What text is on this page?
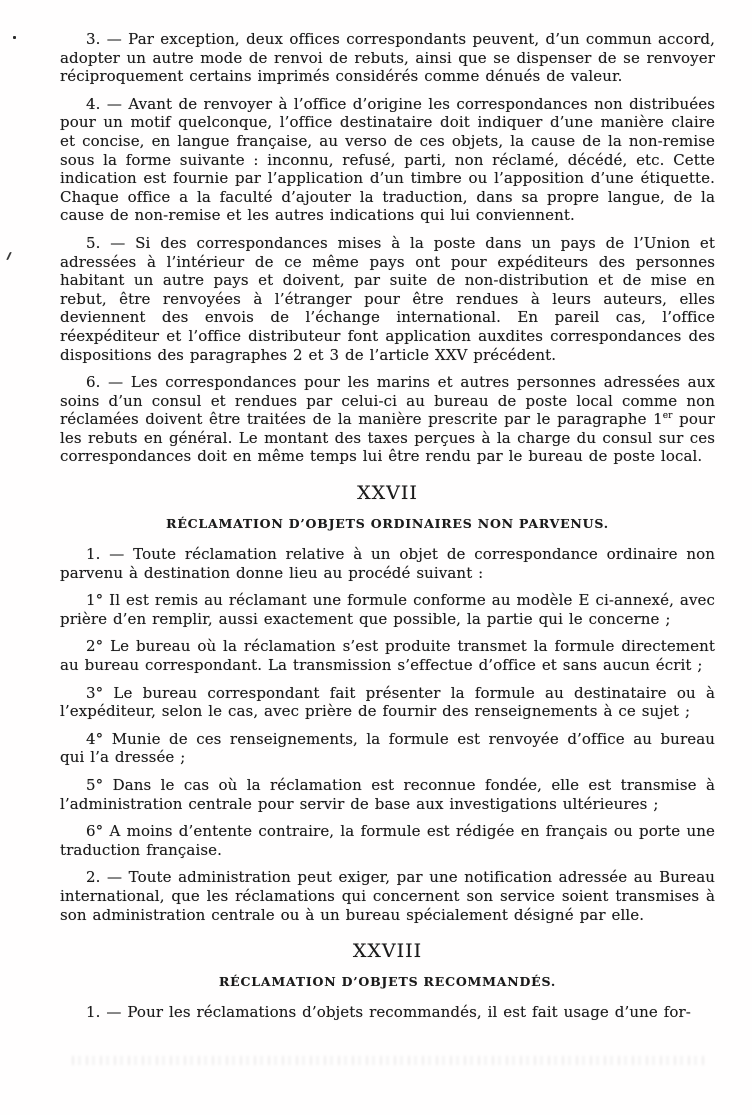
3. — Par exception, deux offices correspondants peuvent, d’un commun accord, adopter un autre mode de renvoi de rebuts, ainsi que se dispenser de se renvoyer réciproquement certains imprimés considérés comme dénués de valeur.

4. — Avant de renvoyer à l’office d’origine les correspondances non distribuées pour un motif quelconque, l’office destinataire doit indiquer d’une manière claire et concise, en langue française, au verso de ces objets, la cause de la non-remise sous la forme suivante : inconnu, refusé, parti, non réclamé, décédé, etc. Cette indication est fournie par l’application d’un timbre ou l’apposition d’une étiquette. Chaque office a la faculté d’ajouter la traduction, dans sa propre langue, de la cause de non-remise et les autres indications qui lui conviennent.

5. — Si des correspondances mises à la poste dans un pays de l’Union et adressées à l’intérieur de ce même pays ont pour expéditeurs des personnes habitant un autre pays et doivent, par suite de non-distribution et de mise en rebut, être renvoyées à l’étranger pour être rendues à leurs auteurs, elles deviennent des envois de l’échange international. En pareil cas, l’office réexpéditeur et l’office distributeur font application auxdites correspondances des dispositions des paragraphes 2 et 3 de l’article XXV précédent.

6. — Les correspondances pour les marins et autres personnes adressées aux soins d’un consul et rendues par celui-ci au bureau de poste local comme non réclamées doivent être traitées de la manière prescrite par le paragraphe 1er pour les rebuts en général. Le montant des taxes perçues à la charge du consul sur ces correspondances doit en même temps lui être rendu par le bureau de poste local.

XXVII
RÉCLAMATION D’OBJETS ORDINAIRES NON PARVENUS.

1. — Toute réclamation relative à un objet de correspondance ordinaire non parvenu à destination donne lieu au procédé suivant :

1° Il est remis au réclamant une formule conforme au modèle E ci-annexé, avec prière d’en remplir, aussi exactement que possible, la partie qui le concerne ;

2° Le bureau où la réclamation s’est produite transmet la formule directement au bureau correspondant. La transmission s’effectue d’office et sans aucun écrit ;

3° Le bureau correspondant fait présenter la formule au destinataire ou à l’expéditeur, selon le cas, avec prière de fournir des renseignements à ce sujet ;

4° Munie de ces renseignements, la formule est renvoyée d’office au bureau qui l’a dressée ;

5° Dans le cas où la réclamation est reconnue fondée, elle est transmise à l’administration centrale pour servir de base aux investigations ultérieures ;

6° A moins d’entente contraire, la formule est rédigée en français ou porte une traduction française.

2. — Toute administration peut exiger, par une notification adressée au Bureau international, que les réclamations qui concernent son service soient transmises à son administration centrale ou à un bureau spécialement désigné par elle.

XXVIII
RÉCLAMATION D’OBJETS RECOMMANDÉS.

1. — Pour les réclamations d’objets recommandés, il est fait usage d’une for-
